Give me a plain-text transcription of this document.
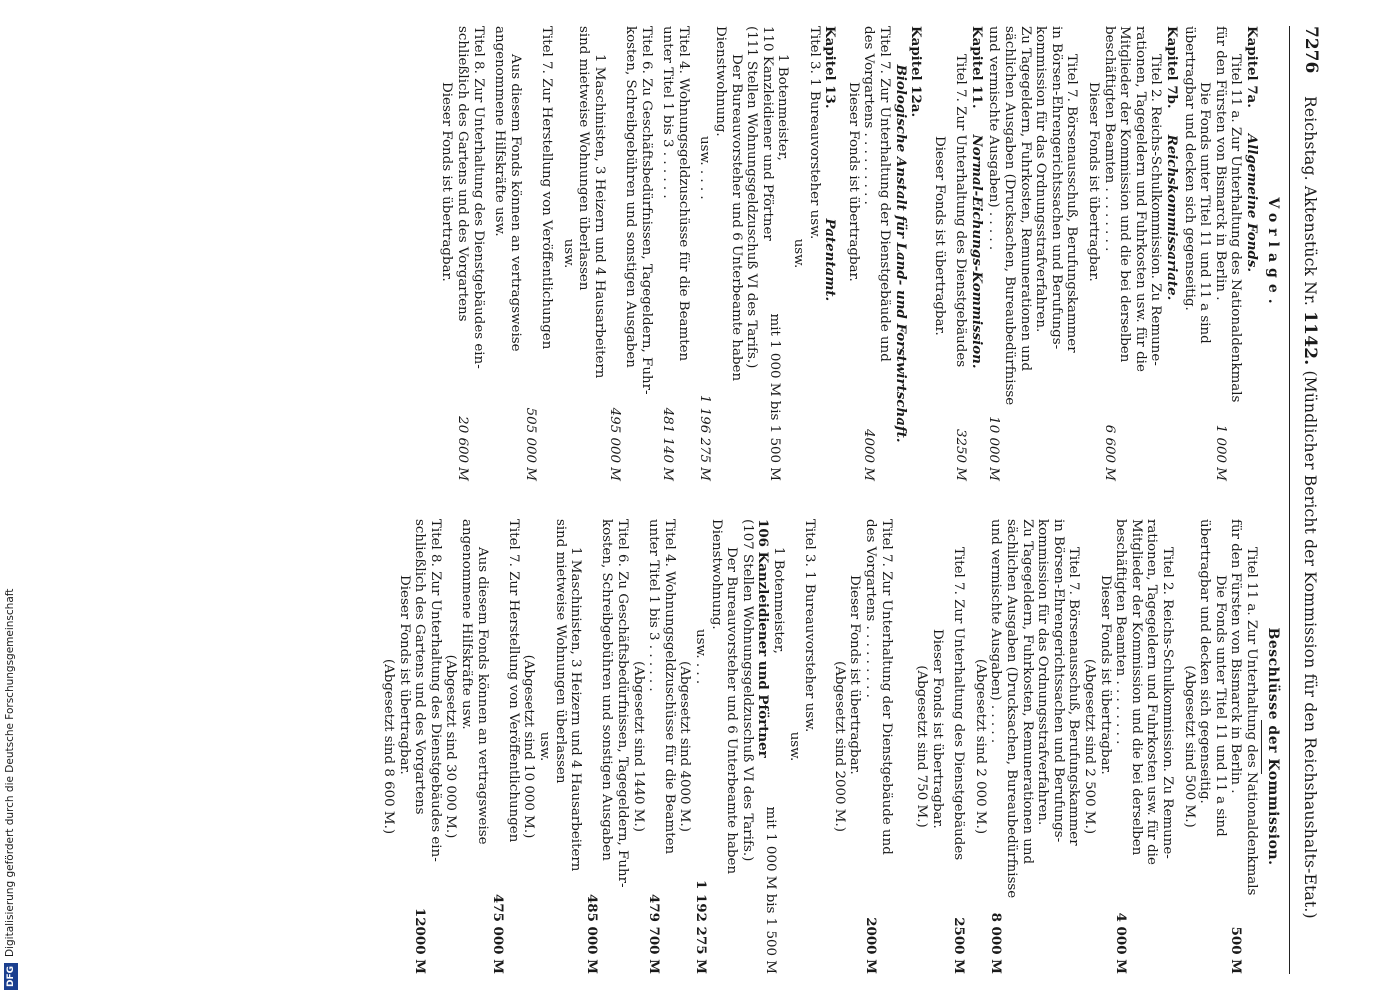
7276
Reichstag. Aktenstück Nr. 1142. (Mündlicher Bericht der Kommission für den Reichshaushalts-Etat.)
Vorlage.
Kapitel 7a.Allgemeine Fonds.
Titel 11 a. Zur Unterhaltung des Nationaldenkmals
für den Fürsten von Bismarck in Berlin .
1 000 M
Die Fonds unter Titel 11 und 11 a sind
übertragbar und decken sich gegenseitig.
Kapitel 7b.Reichskommissariate.
Titel 2. Reichs-Schulkommission. Zu Remune-
rationen, Tagegeldern und Fuhrkosten usw. für die
Mitglieder der Kommission und die bei derselben
beschäftigten Beamten . . . . . . . .
6 600 M
Dieser Fonds ist übertragbar.
Titel 7. Börsenausschuß, Berufungskammer
in Börsen-Ehrengerichtssachen und Berufungs-
kommission für das Ordnungsstrafverfahren.
Zu Tagegeldern, Fuhrkosten, Remunerationen und
sächlichen Ausgaben (Drucksachen, Bureaubedürfnisse
und vermischte Ausgaben) . . . . .
10 000 M
Kapitel 11.Normal-Eichungs-Kommission.
Titel 7. Zur Unterhaltung des Dienstgebäudes
3250 M
Dieser Fonds ist übertragbar.
Kapitel 12a.
Biologische Anstalt für Land- und Forstwirtschaft.
Titel 7. Zur Unterhaltung der Dienstgebäude und
des Vorgartens . . . . . . . . .
4000 M
Dieser Fonds ist übertragbar.
Kapitel 13.Patentamt.
Titel 3. 1 Bureauvorsteher usw.
usw.
1 Botenmeister,
mit 1 000 M bis 1 500 M
110 Kanzleidiener und Pförtner
(111 Stellen Wohnungsgeldzuschuß VI des Tarifs.)
Der Bureauvorsteher und 6 Unterbeamte haben
Dienstwohnung.
usw. . . . .
1 196 275 M
Titel 4. Wohnungsgeldzuschüsse für die Beamten
unter Titel 1 bis 3 . . . . . .
481 140 M
Titel 6. Zu Geschäftsbedürfnissen, Tagegeldern, Fuhr-
kosten, Schreibgebühren und sonstigen Ausgaben

495 000 M
1 Maschinisten, 3 Heizern und 4 Hausarbeitern
sind mietweise Wohnungen überlassen
usw.
Titel 7. Zur Herstellung von Veröffentlichungen

505 000 M
Aus diesem Fonds können an vertragsweise
angenommene Hilfskräfte usw.
Titel 8. Zur Unterhaltung des Dienstgebäudes ein-
schließlich des Gartens und des Vorgartens
20 600 M
Dieser Fonds ist übertragbar.
Beschlüsse der Kommission.
Titel 11 a. Zur Unterhaltung des Nationaldenkmals
für den Fürsten von Bismarck in Berlin .
500 M
Die Fonds unter Titel 11 und 11 a sind
übertragbar und decken sich gegenseitig.
(Abgesetzt sind 500 M.)
Titel 2. Reichs-Schulkommission. Zu Remune-
rationen, Tagegeldern und Fuhrkosten usw. für die
Mitglieder der Kommission und die bei derselben
beschäftigten Beamten . . . . . . . .
4 000 M
Dieser Fonds ist übertragbar.
(Abgesetzt sind 2 500 M.)
Titel 7. Börsenausschuß, Berufungskammer
in Börsen-Ehrengerichtssachen und Berufungs-
kommission für das Ordnungsstrafverfahren.
Zu Tagegeldern, Fuhrkosten, Remunerationen und
sächlichen Ausgaben (Drucksachen, Bureaubedürfnisse
und vermischte Ausgaben) . . . . .
8 000 M
(Abgesetzt sind 2 000 M.)
Titel 7. Zur Unterhaltung des Dienstgebäudes
2500 M
Dieser Fonds ist übertragbar.
(Abgesetzt sind 750 M.)
Titel 7. Zur Unterhaltung der Dienstgebäude und
des Vorgartens . . . . . . . . .
2000 M
Dieser Fonds ist übertragbar.
(Abgesetzt sind 2000 M.)
Titel 3. 1 Bureauvorsteher usw.
usw.
1 Botenmeister,
mit 1 000 M bis 1 500 M
106 Kanzleidiener und Pförtner
(107 Stellen Wohnungsgeldzuschuß VI des Tarifs.)
Der Bureauvorsteher und 6 Unterbeamte haben
Dienstwohnung.
usw. . . .
1 192 275 M
(Abgesetzt sind 4000 M.)
Titel 4. Wohnungsgeldzuschüsse für die Beamten
unter Titel 1 bis 3 . . . . . .
479 700 M
(Abgesetzt sind 1440 M.)
Titel 6. Zu Geschäftsbedürfnissen, Tagegeldern, Fuhr-
kosten, Schreibgebühren und sonstigen Ausgaben

485 000 M
1 Maschinisten, 3 Heizern und 4 Hausarbeitern
sind mietweise Wohnungen überlassen
usw.
(Abgesetzt sind 10 000 M.)
Titel 7. Zur Herstellung von Veröffentlichungen

475 000 M
Aus diesem Fonds können an vertragsweise
angenommene Hilfskräfte usw.
(Abgesetzt sind 30 000 M.)
Titel 8. Zur Unterhaltung des Dienstgebäudes ein-
schließlich des Gartens und des Vorgartens
12000 M
Dieser Fonds ist übertragbar.
(Abgesetzt sind 8 600 M.)
DFGDigitalisierung gefördert durch die Deutsche Forschungsgemeinschaft
